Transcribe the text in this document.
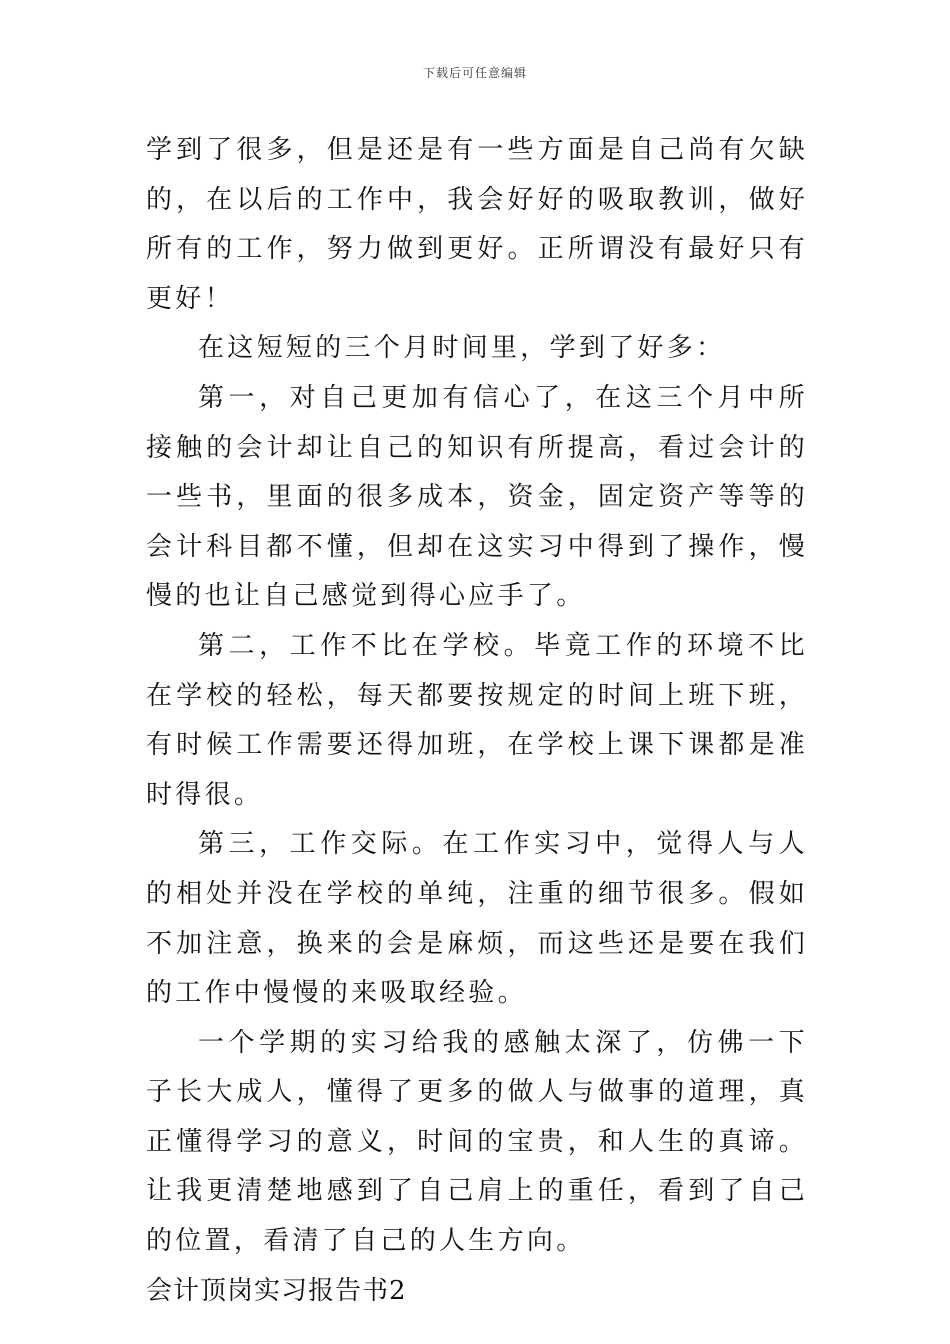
下载后可任意编辑

学到了很多，但是还是有一些方面是自己尚有欠缺的，在以后的工作中，我会好好的吸取教训，做好所有的工作，努力做到更好。正所谓没有最好只有更好！

在这短短的三个月时间里，学到了好多：

第一，对自己更加有信心了，在这三个月中所接触的会计却让自己的知识有所提高，看过会计的一些书，里面的很多成本，资金，固定资产等等的会计科目都不懂，但却在这实习中得到了操作，慢慢的也让自己感觉到得心应手了。

第二，工作不比在学校。毕竟工作的环境不比在学校的轻松，每天都要按规定的时间上班下班，有时候工作需要还得加班，在学校上课下课都是准时得很。

第三，工作交际。在工作实习中，觉得人与人的相处并没在学校的单纯，注重的细节很多。假如不加注意，换来的会是麻烦，而这些还是要在我们的工作中慢慢的来吸取经验。

一个学期的实习给我的感触太深了，仿佛一下子长大成人，懂得了更多的做人与做事的道理，真正懂得学习的意义，时间的宝贵，和人生的真谛。让我更清楚地感到了自己肩上的重任，看到了自己的位置，看清了自己的人生方向。

会计顶岗实习报告书2
